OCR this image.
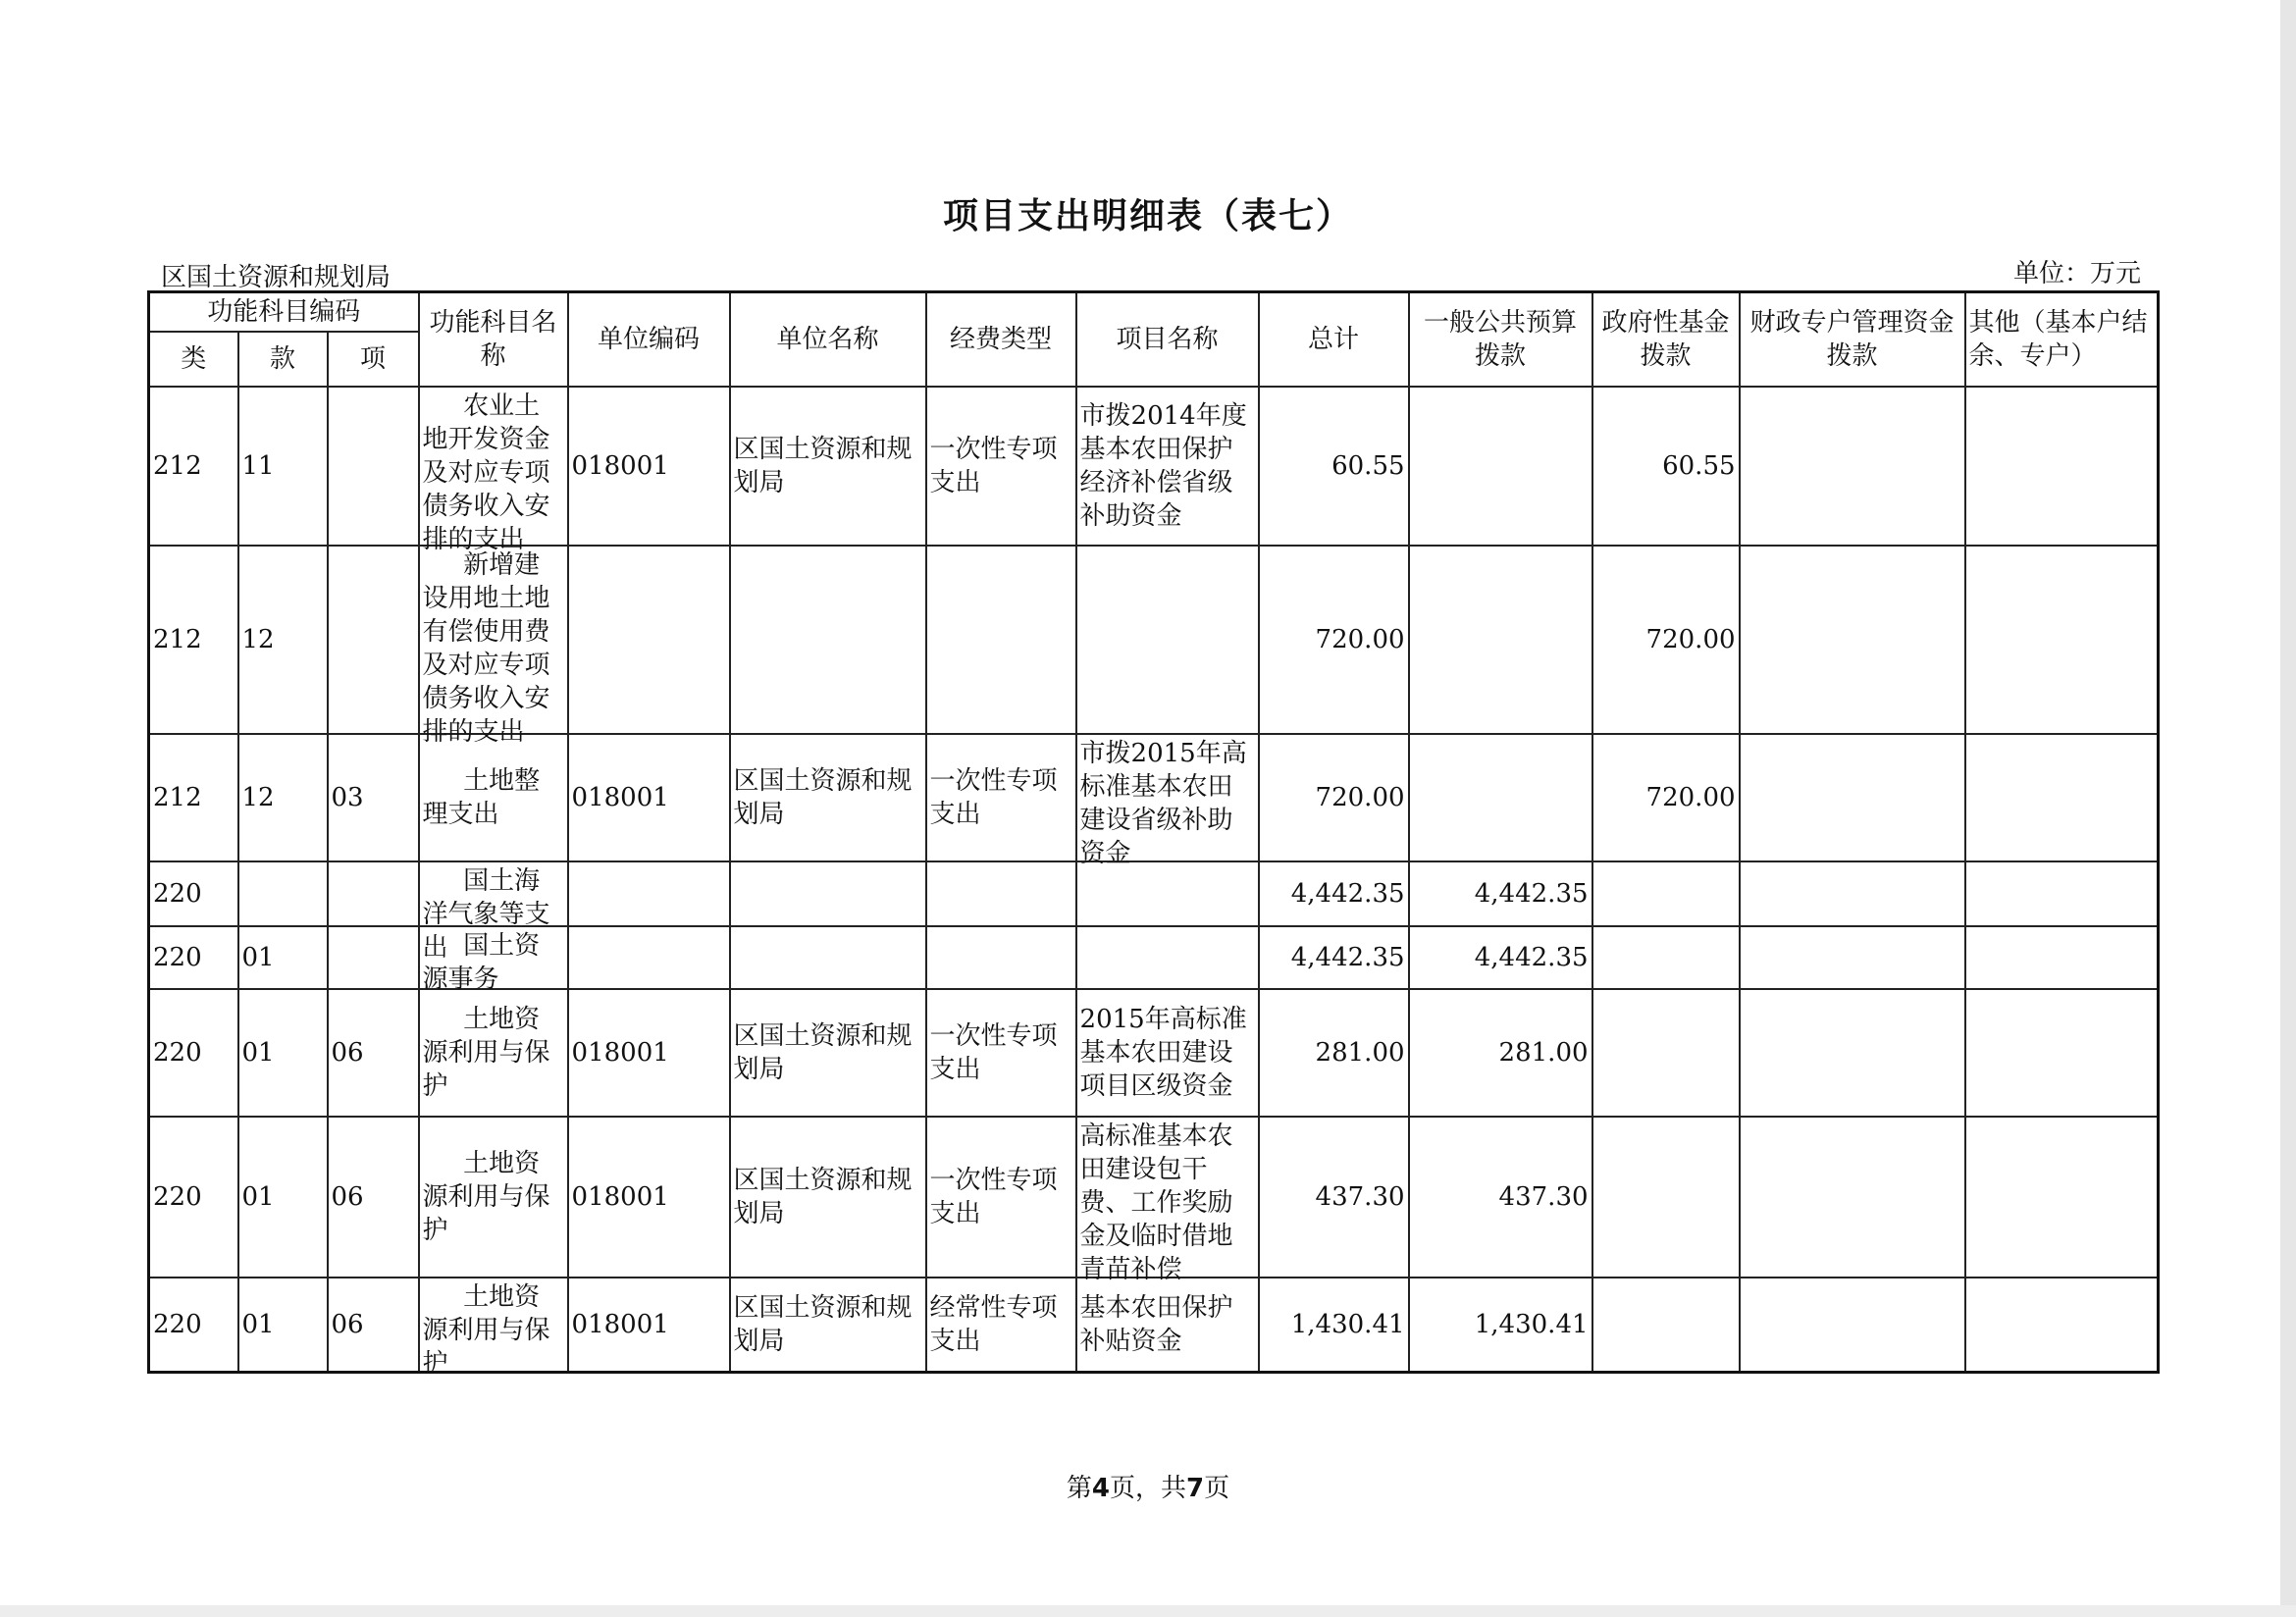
项目支出明细表（表七）
区国土资源和规划局	单位：万元
功能科目编码			功能科目名称	单位编码	单位名称	经费类型	项目名称	总计	一般公共预算拨款	政府性基金拨款	财政专户管理资金拨款	其他（基本户结余、专户）
类	款	项										

212	11		农业土地开发资金及对应专项债务收入安排的支出	018001	区国土资源和规划局	一次性专项支出	市拨2014年度基本农田保护经济补偿省级补助资金	60.55		60.55		

212	12		新增建设用地土地有偿使用费及对应专项债务收入安排的支出					720.00		720.00		

212	12	03	土地整理支出	018001	区国土资源和规划局	一次性专项支出	市拨2015年高标准基本农田建设省级补助资金	720.00		720.00		

220			国土海洋气象等支出					4,442.35	4,442.35			

220	01		国土资源事务					4,442.35	4,442.35			

220	01	06	土地资源利用与保护	018001	区国土资源和规划局	一次性专项支出	2015年高标准基本农田建设项目区级资金	281.00	281.00			

220	01	06	土地资源利用与保护	018001	区国土资源和规划局	一次性专项支出	高标准基本农田建设包干费、工作奖励金及临时借地青苗补偿	437.30	437.30			

220	01	06	土地资源利用与保护	018001	区国土资源和规划局	经常性专项支出	基本农田保护补贴资金	1,430.41	1,430.41			

第4页，共7页
